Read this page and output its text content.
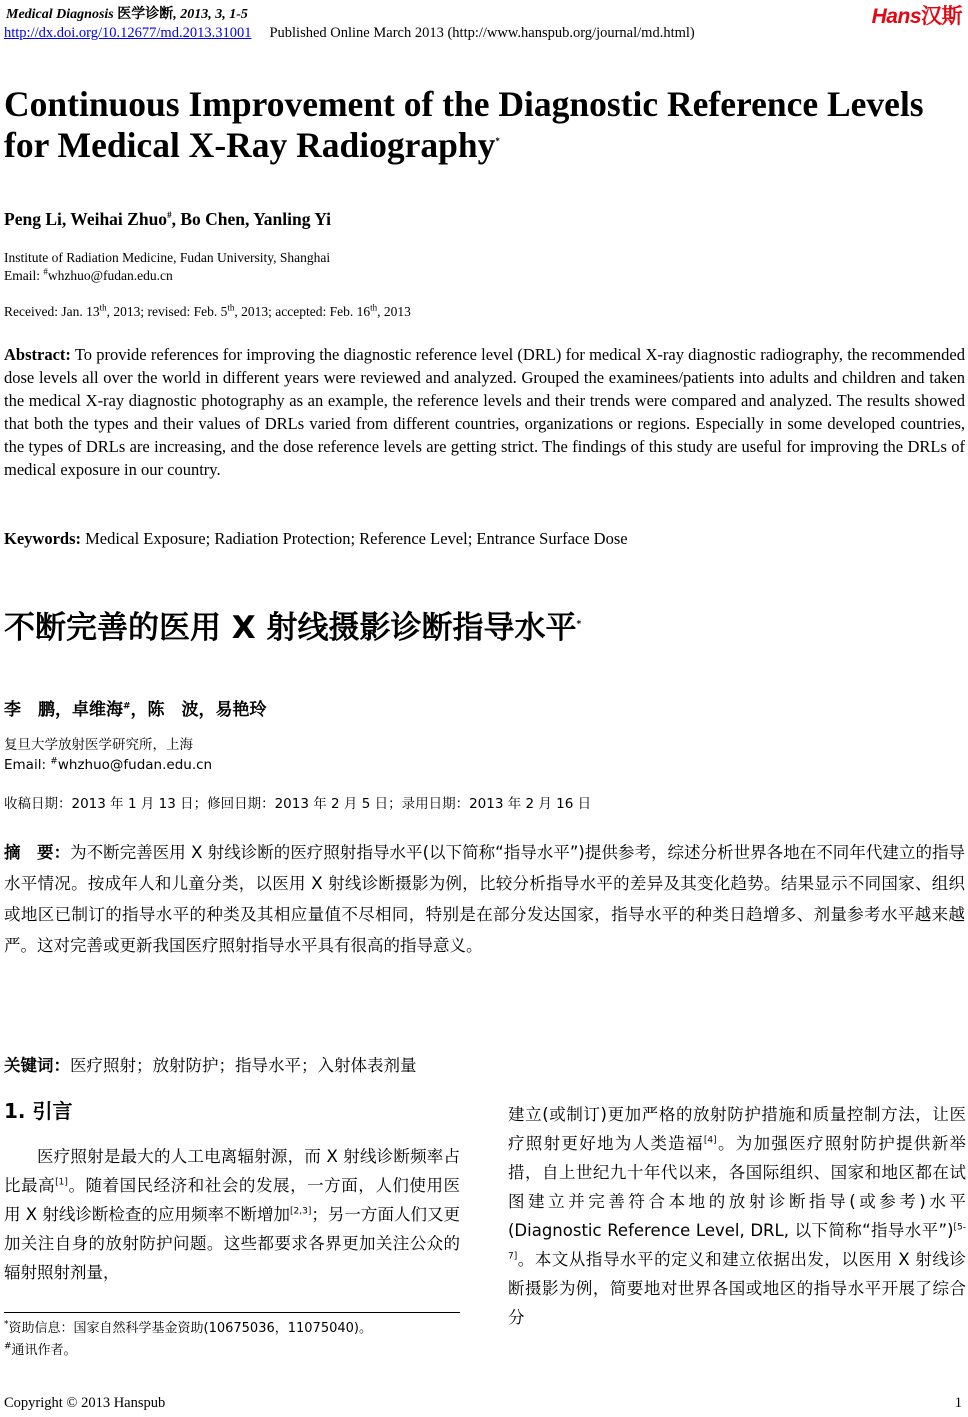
Medical Diagnosis 医学诊断, 2013, 3, 1-5
http://dx.doi.org/10.12677/md.2013.31001 Published Online March 2013 (http://www.hanspub.org/journal/md.html)
Hans汉斯
Continuous Improvement of the Diagnostic Reference Levels for Medical X-Ray Radiography*
Peng Li, Weihai Zhuo#, Bo Chen, Yanling Yi
Institute of Radiation Medicine, Fudan University, Shanghai
Email: #whzhuo@fudan.edu.cn
Received: Jan. 13th, 2013; revised: Feb. 5th, 2013; accepted: Feb. 16th, 2013
Abstract: To provide references for improving the diagnostic reference level (DRL) for medical X-ray diagnostic radiography, the recommended dose levels all over the world in different years were reviewed and analyzed. Grouped the examinees/patients into adults and children and taken the medical X-ray diagnostic photography as an example, the reference levels and their trends were compared and analyzed. The results showed that both the types and their values of DRLs varied from different countries, organizations or regions. Especially in some developed countries, the types of DRLs are increasing, and the dose reference levels are getting strict. The findings of this study are useful for improving the DRLs of medical exposure in our country.
Keywords: Medical Exposure; Radiation Protection; Reference Level; Entrance Surface Dose
不断完善的医用 X 射线摄影诊断指导水平*
李　鹏，卓维海#，陈　波，易艳玲
复旦大学放射医学研究所，上海
Email: #whzhuo@fudan.edu.cn
收稿日期：2013 年 1 月 13 日；修回日期：2013 年 2 月 5 日；录用日期：2013 年 2 月 16 日
摘　要：为不断完善医用 X 射线诊断的医疗照射指导水平(以下简称“指导水平”)提供参考，综述分析世界各地在不同年代建立的指导水平情况。按成年人和儿童分类，以医用 X 射线诊断摄影为例，比较分析指导水平的差异及其变化趋势。结果显示不同国家、组织或地区已制订的指导水平的种类及其相应量值不尽相同，特别是在部分发达国家，指导水平的种类日趋增多、剂量参考水平越来越严。这对完善或更新我国医疗照射指导水平具有很高的指导意义。
关键词：医疗照射；放射防护；指导水平；入射体表剂量
1. 引言
医疗照射是最大的人工电离辐射源，而 X 射线诊断频率占比最高[1]。随着国民经济和社会的发展，一方面，人们使用医用 X 射线诊断检查的应用频率不断增加[2,3]；另一方面人们又更加关注自身的放射防护问题。这些都要求各界更加关注公众的辐射照射剂量，
建立(或制订)更加严格的放射防护措施和质量控制方法，让医疗照射更好地为人类造福[4]。为加强医疗照射防护提供新举措，自上世纪九十年代以来，各国际组织、国家和地区都在试图建立并完善符合本地的放射诊断指导(或参考)水平(Diagnostic Reference Level, DRL, 以下简称“指导水平”)[5-7]。本文从指导水平的定义和建立依据出发，以医用 X 射线诊断摄影为例，简要地对世界各国或地区的指导水平开展了综合分
*资助信息：国家自然科学基金资助(10675036，11075040)。
#通讯作者。
Copyright © 2013 Hanspub	1
